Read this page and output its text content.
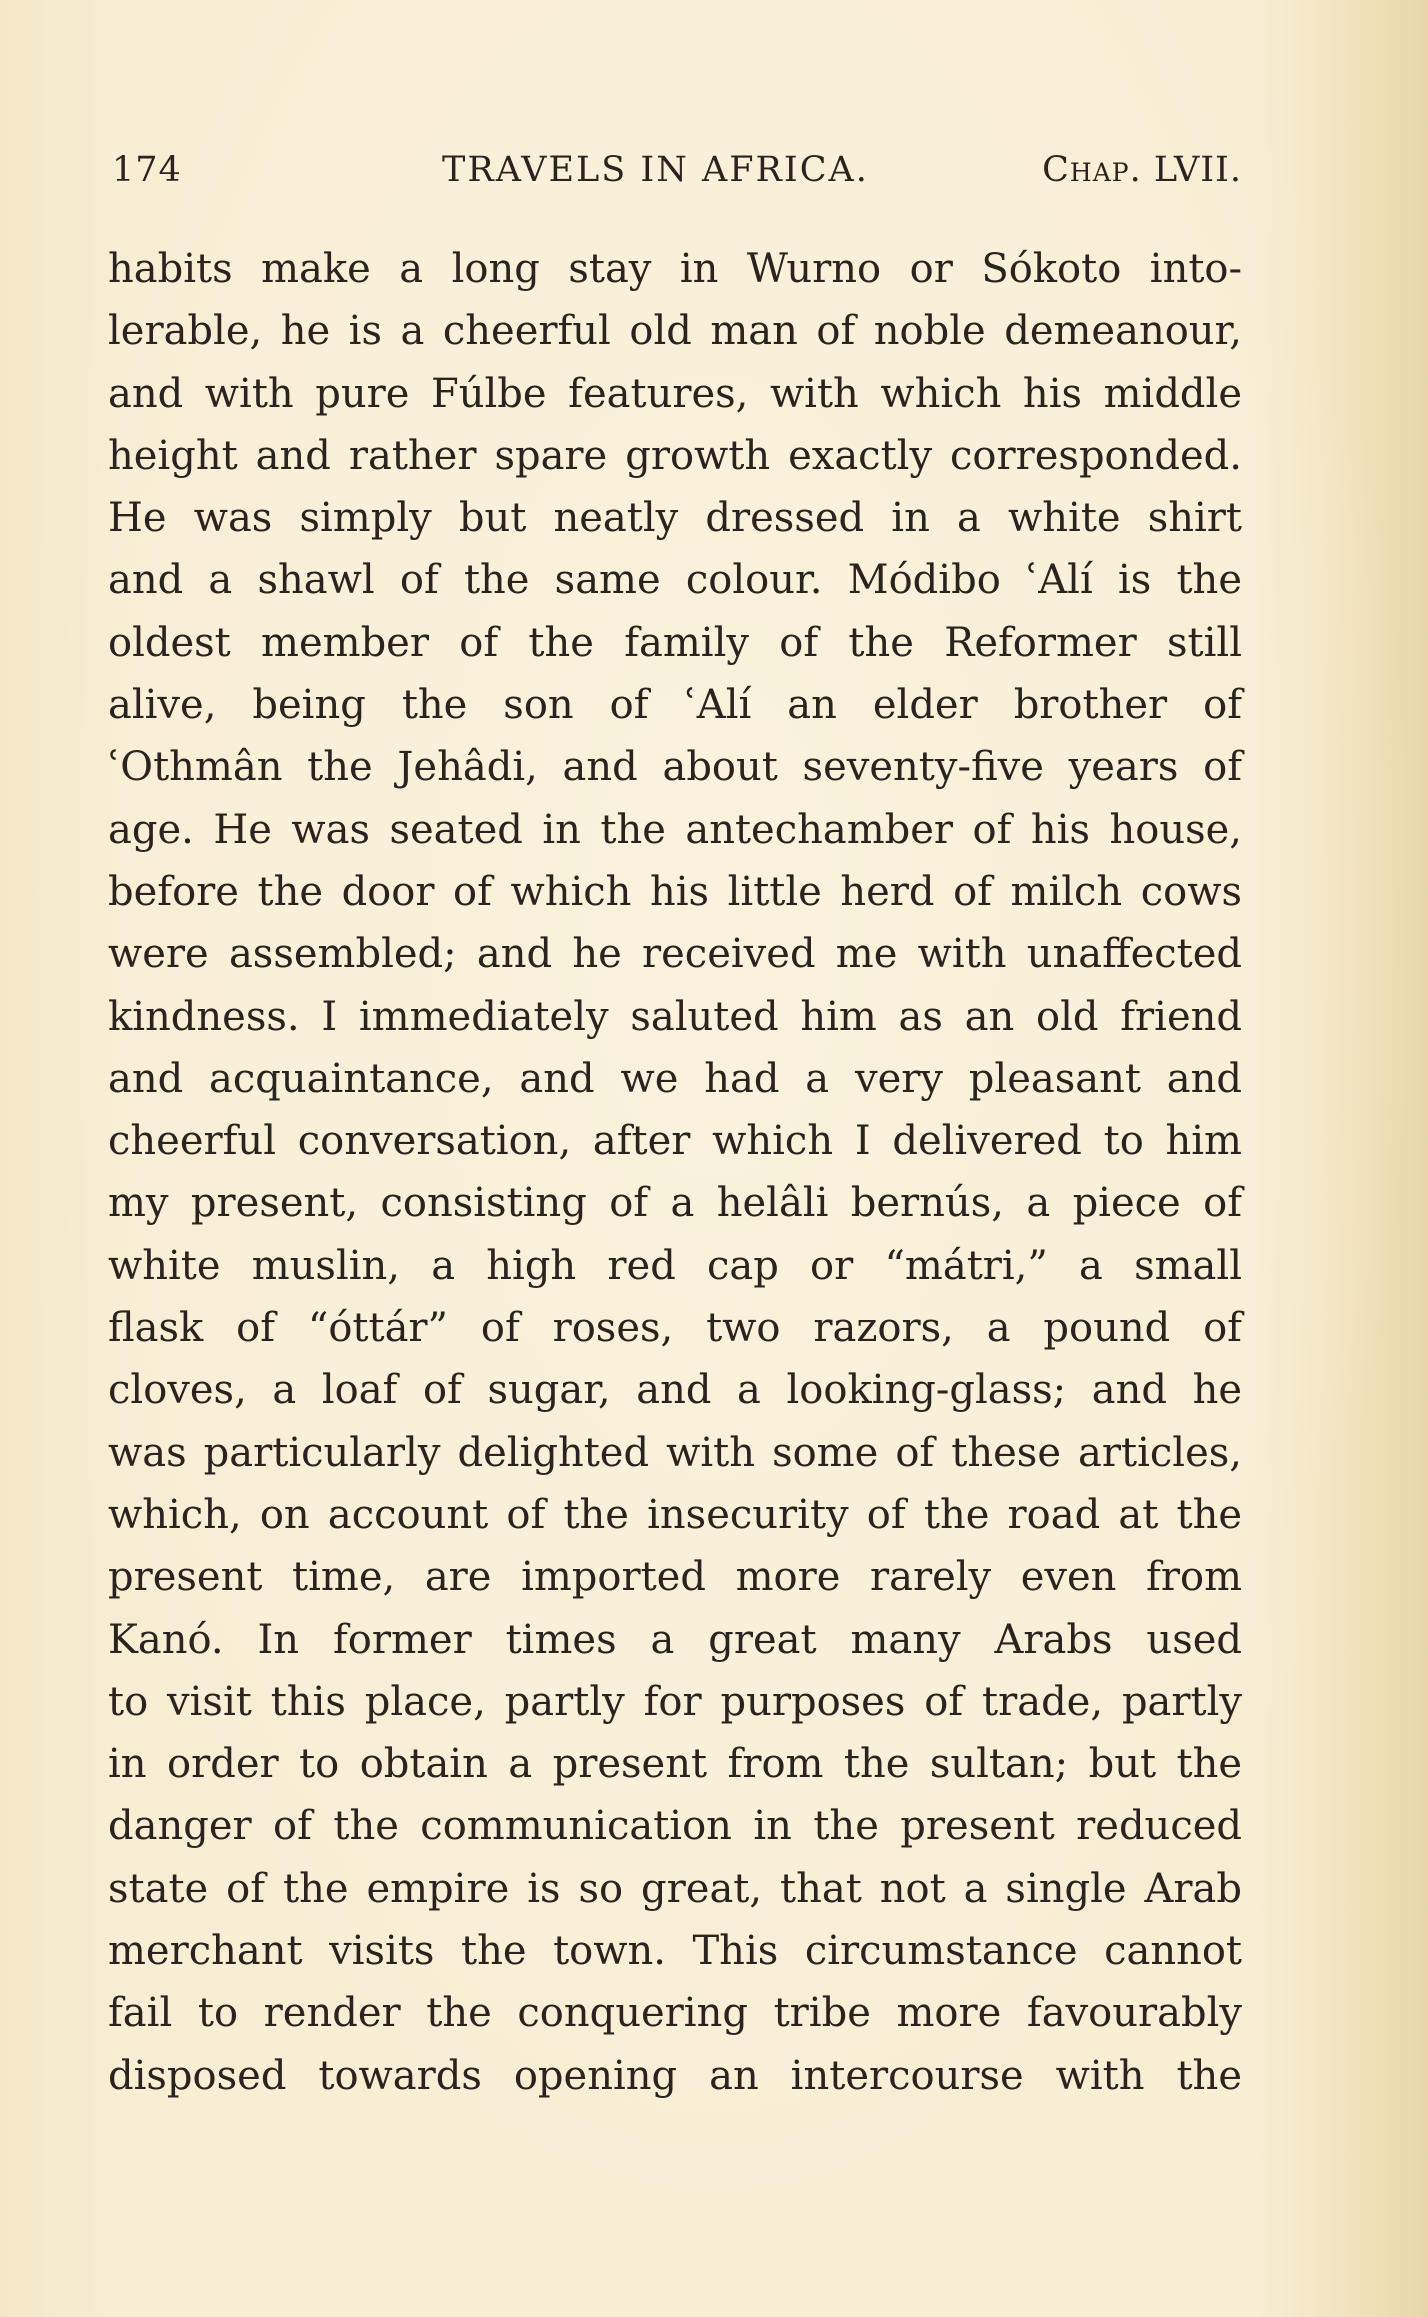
174	TRAVELS IN AFRICA.	Chap. LVII.
habits make a long stay in Wurno or Sókoto into-
lerable, he is a cheerful old man of noble demeanour,
and with pure Fúlbe features, with which his middle
height and rather spare growth exactly corresponded.
He was simply but neatly dressed in a white shirt
and a shawl of the same colour. Módibo ʿAlí is the
oldest member of the family of the Reformer still
alive, being the son of ʿAlí an elder brother of
ʿOthmân the Jehâdi, and about seventy-five years of
age. He was seated in the antechamber of his house,
before the door of which his little herd of milch cows
were assembled; and he received me with unaffected
kindness. I immediately saluted him as an old friend
and acquaintance, and we had a very pleasant and
cheerful conversation, after which I delivered to him
my present, consisting of a helâli bernús, a piece of
white muslin, a high red cap or “mátri,” a small
flask of “óttár” of roses, two razors, a pound of
cloves, a loaf of sugar, and a looking-glass; and he
was particularly delighted with some of these articles,
which, on account of the insecurity of the road at the
present time, are imported more rarely even from
Kanó. In former times a great many Arabs used
to visit this place, partly for purposes of trade, partly
in order to obtain a present from the sultan; but the
danger of the communication in the present reduced
state of the empire is so great, that not a single Arab
merchant visits the town. This circumstance cannot
fail to render the conquering tribe more favourably
disposed towards opening an intercourse with the
